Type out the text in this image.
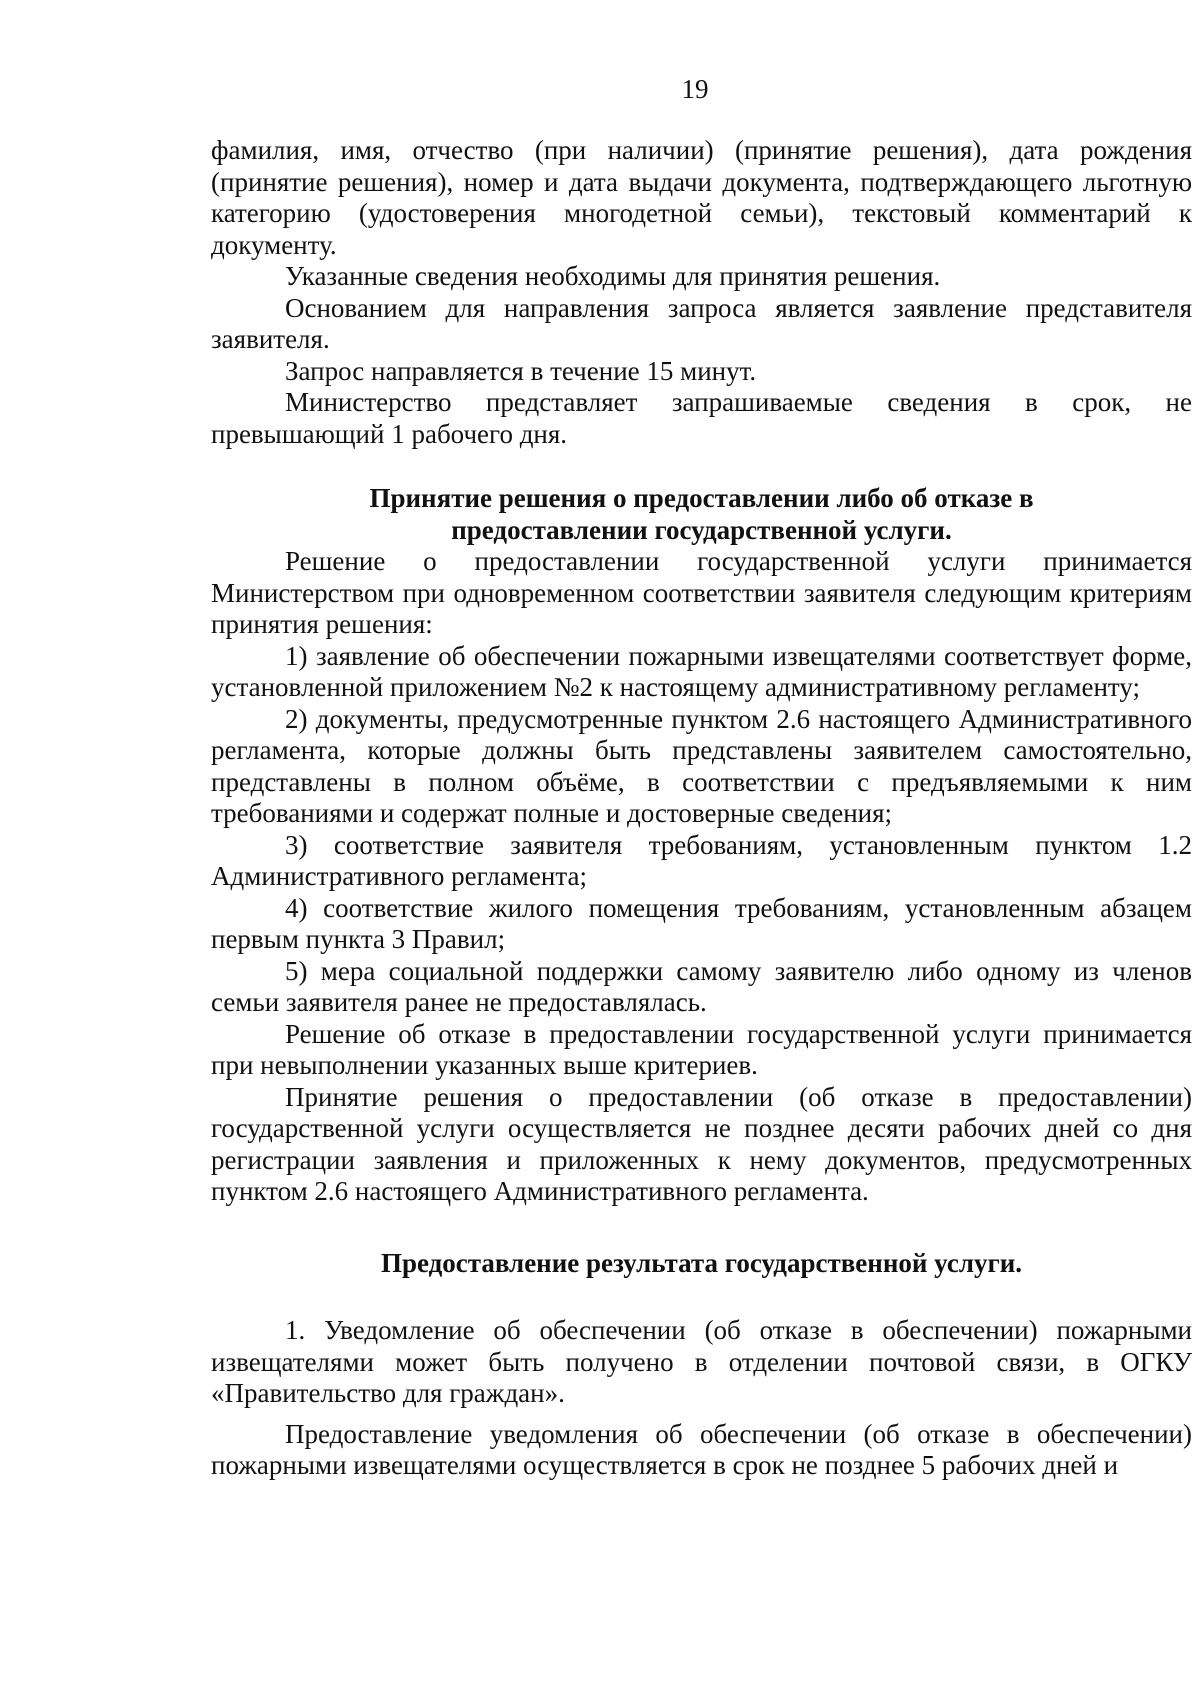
19

фамилия, имя, отчество (при наличии) (принятие решения), дата рождения (принятие решения), номер и дата выдачи документа, подтверждающего льготную категорию (удостоверения многодетной семьи), текстовый комментарий к документу.

Указанные сведения необходимы для принятия решения.

Основанием для направления запроса является заявление представителя заявителя.

Запрос направляется в течение 15 минут.

Министерство представляет запрашиваемые сведения в срок, не превышающий 1 рабочего дня.

Принятие решения о предоставлении либо об отказе в
предоставлении государственной услуги.

Решение о предоставлении государственной услуги принимается Министерством при одновременном соответствии заявителя следующим критериям принятия решения:

1) заявление об обеспечении пожарными извещателями соответствует форме, установленной приложением №2 к настоящему административному регламенту;

2) документы, предусмотренные пунктом 2.6 настоящего Административного регламента, которые должны быть представлены заявителем самостоятельно, представлены в полном объёме, в соответствии с предъявляемыми к ним требованиями и содержат полные и достоверные сведения;

3) соответствие заявителя требованиям, установленным пунктом 1.2 Административного регламента;

4) соответствие жилого помещения требованиям, установленным абзацем первым пункта 3 Правил;

5) мера социальной поддержки самому заявителю либо одному из членов семьи заявителя ранее не предоставлялась.

Решение об отказе в предоставлении государственной услуги принимается при невыполнении указанных выше критериев.

Принятие решения о предоставлении (об отказе в предоставлении) государственной услуги осуществляется не позднее десяти рабочих дней со дня регистрации заявления и приложенных к нему документов, предусмотренных пунктом 2.6 настоящего Административного регламента.

Предоставление результата государственной услуги.

1. Уведомление об обеспечении (об отказе в обеспечении) пожарными извещателями может быть получено в отделении почтовой связи, в ОГКУ «Правительство для граждан».

Предоставление уведомления об обеспечении (об отказе в обеспечении) пожарными извещателями осуществляется в срок не позднее 5 рабочих дней и
